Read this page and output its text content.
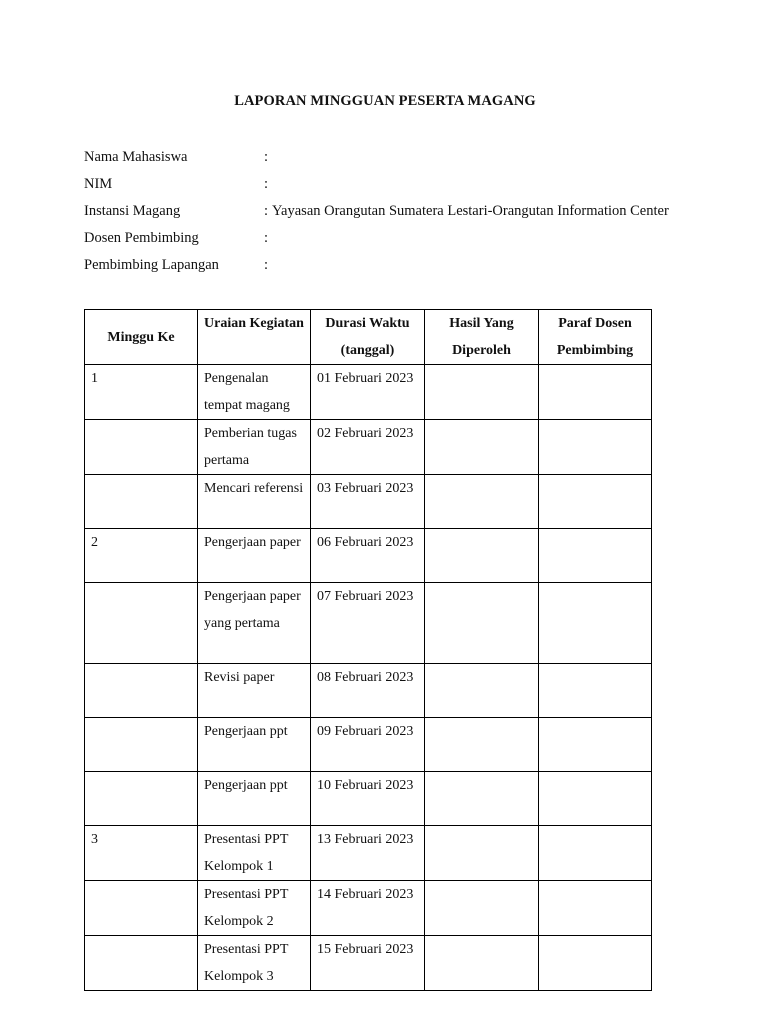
LAPORAN MINGGUAN PESERTA MAGANG
Nama Mahasiswa	:
NIM	:
Instansi Magang	: Yayasan Orangutan Sumatera Lestari-Orangutan Information Center
Dosen Pembimbing	:
Pembimbing Lapangan	:
Minggu Ke	Uraian Kegiatan	Durasi Waktu (tanggal)	Hasil Yang Diperoleh	Paraf Dosen Pembimbing

1	Pengenalan tempat magang	01 Februari 2023		
	Pemberian tugas pertama	02 Februari 2023		
	Mencari referensi	03 Februari 2023		
2	Pengerjaan paper	06 Februari 2023		
	Pengerjaan paper yang pertama	07 Februari 2023		
	Revisi paper	08 Februari 2023		
	Pengerjaan ppt	09 Februari 2023		
	Pengerjaan ppt	10 Februari 2023		
3	Presentasi PPT Kelompok 1	13 Februari 2023		
	Presentasi PPT Kelompok 2	14 Februari 2023		
	Presentasi PPT Kelompok 3	15 Februari 2023		
